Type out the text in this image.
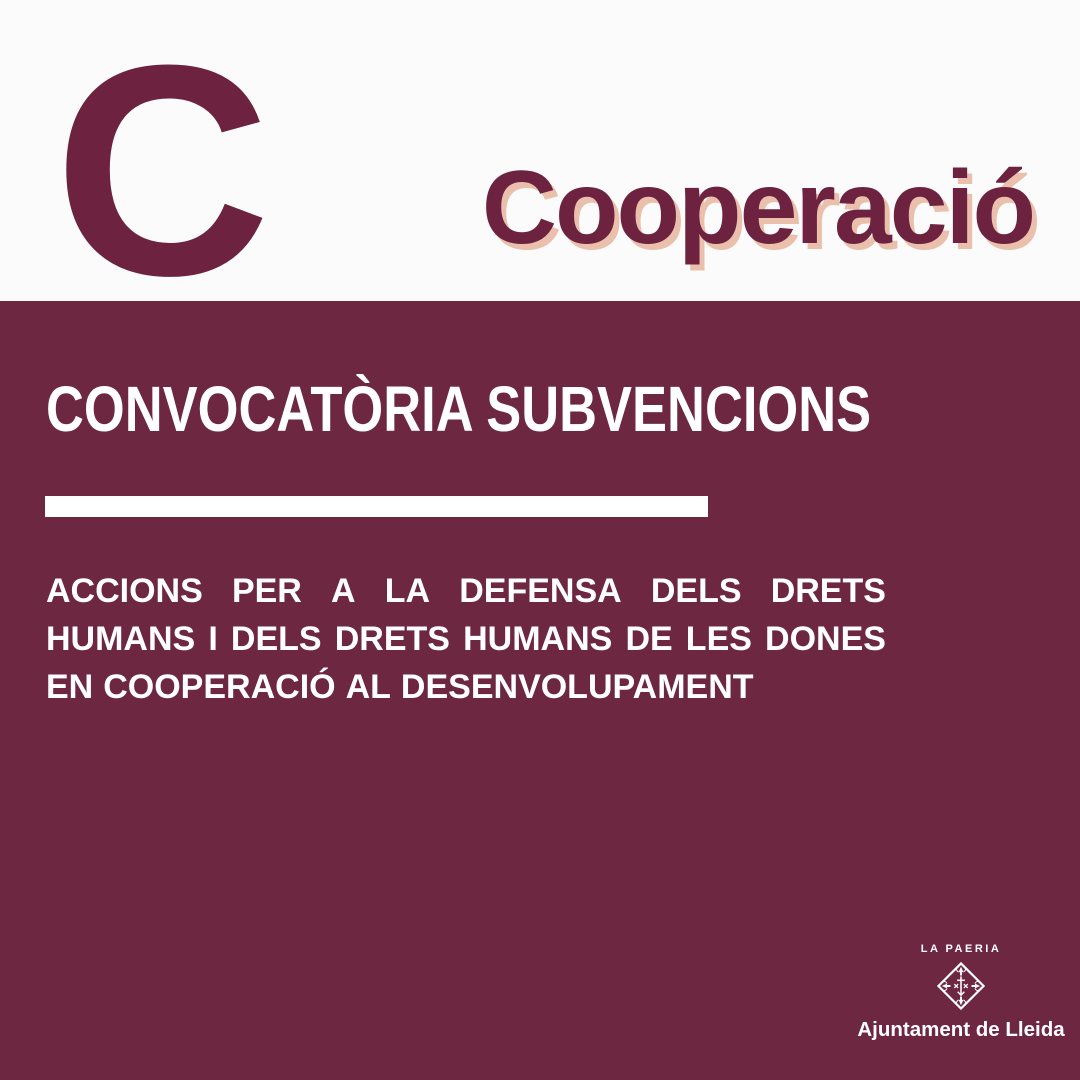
C Cooperació
CONVOCATÒRIA SUBVENCIONS
ACCIONS PER A LA DEFENSA DELS DRETS
HUMANS I DELS DRETS HUMANS DE LES DONES
EN COOPERACIÓ AL DESENVOLUPAMENT
LA PAERIA
Ajuntament de Lleida
